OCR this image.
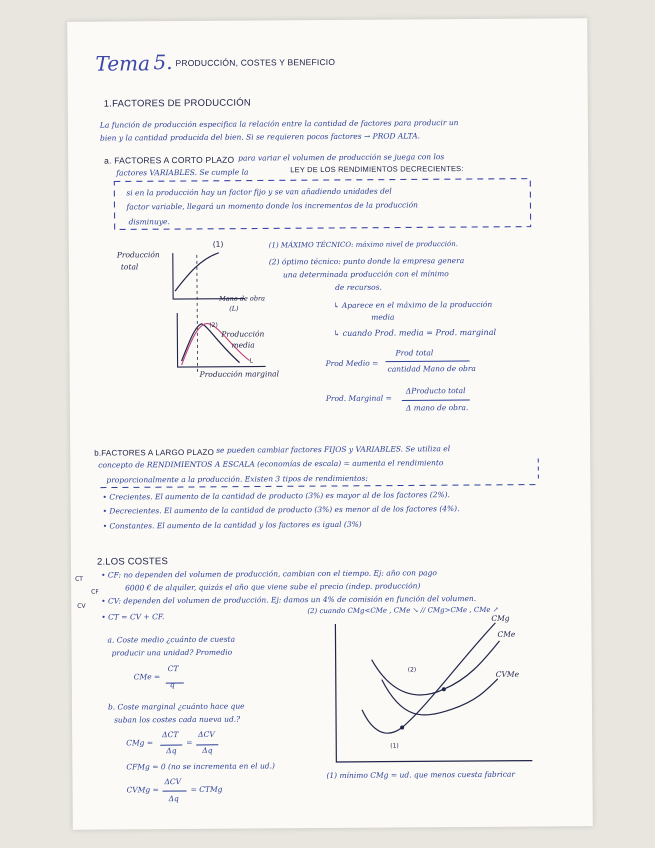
Tema 5. PRODUCCIÓN, COSTES Y BENEFICIO
1.FACTORES DE PRODUCCIÓN
La función de producción especifica la relación entre la cantidad de factores para producir un
bien y la cantidad producida del bien. Si se requieren pocos factores → PROD ALTA.
a. FACTORES A CORTO PLAZO para variar el volumen de producción se juega con los
factores VARIABLES. Se cumple la	LEY DE LOS RENDIMIENTOS DECRECIENTES:
si en la producción hay un factor fijo y se van añadiendo unidades del
factor variable, llegará un momento donde los incrementos de la producción
disminuye.
Producción
total
(1)
Mano de obra
(L)
(2)
Producción
media
Producción marginal
L
(1) MÁXIMO TÉCNICO: máximo nivel de producción.
(2) óptimo técnico: punto donde la empresa genera
una determinada producción con el mínimo
de recursos.
↳ Aparece en el máximo de la producción
media
↳ cuando Prod. media = Prod. marginal
Prod Medio =
Prod total
cantidad Mano de obra
Prod. Marginal =
ΔProducto total
Δ mano de obra.
b.FACTORES A LARGO PLAZO se pueden cambiar factores FIJOS y VARIABLES. Se utiliza el
concepto de RENDIMIENTOS A ESCALA (economías de escala) = aumenta el rendimiento
proporcionalmente a la producción. Existen 3 tipos de rendimientos:
• Crecientes. El aumento de la cantidad de producto (3%) es mayor al de los factores (2%).
• Decrecientes. El aumento de la cantidad de producto (3%) es menor al de los factores (4%).
• Constantes. El aumento de la cantidad y los factores es igual (3%)
2.LOS COSTES
CT
CF
CV
• CF: no dependen del volumen de producción, cambian con el tiempo. Ej: año con pago
6000 € de alquiler, quizás el año que viene sube el precio (indep. producción)
• CV: dependen del volumen de producción. Ej: damos un 4% de comisión en función del volumen.
• CT = CV + CF.
(2) cuando CMg<CMe , CMe ↘ // CMg>CMe , CMe ↗
a. Coste medio ¿cuánto de cuesta
producir una unidad? Promedio
CMe =
CT
q
b. Coste marginal ¿cuánto hace que
suban los costes cada nueva ud.?
CMg =
ΔCT
Δq
=
ΔCV
Δq
CFMg = 0 (no se incrementa en el ud.)
CVMg =
ΔCV
Δq
= CTMg
CMg
CMe
CVMe
(2)
(1)
(1) mínimo CMg = ud. que menos cuesta fabricar
